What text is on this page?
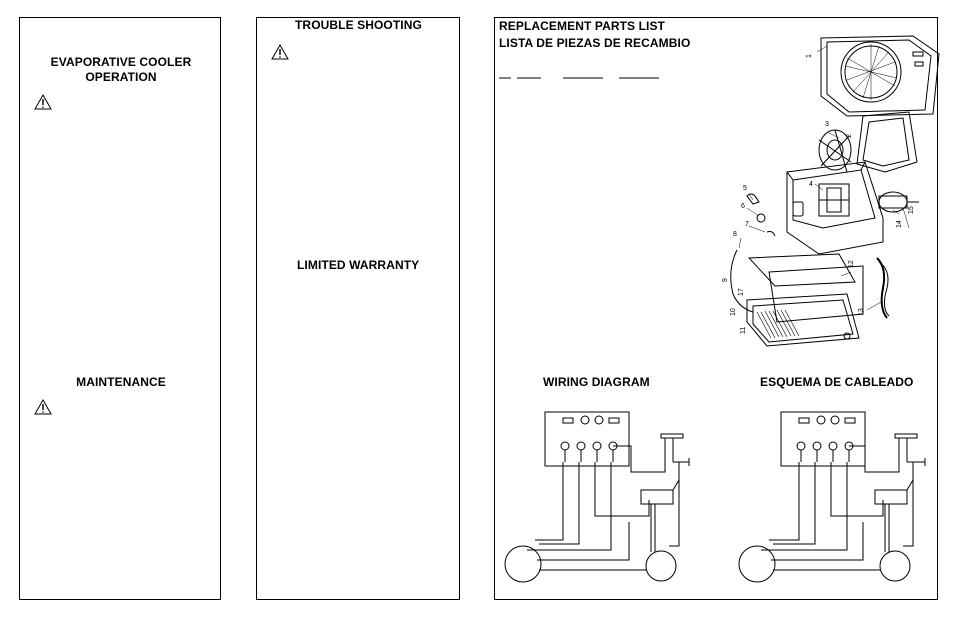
EVAPORATIVE COOLER
OPERATION
MAINTENANCE
TROUBLE SHOOTING
LIMITED WARRANTY
REPLACEMENT PARTS LIST
LISTA DE PIEZAS DE RECAMBIO
1
2
3
4
5
6
7
8
9
10
11
12
13
14
15
17
WIRING DIAGRAM	ESQUEMA DE CABLEADO
